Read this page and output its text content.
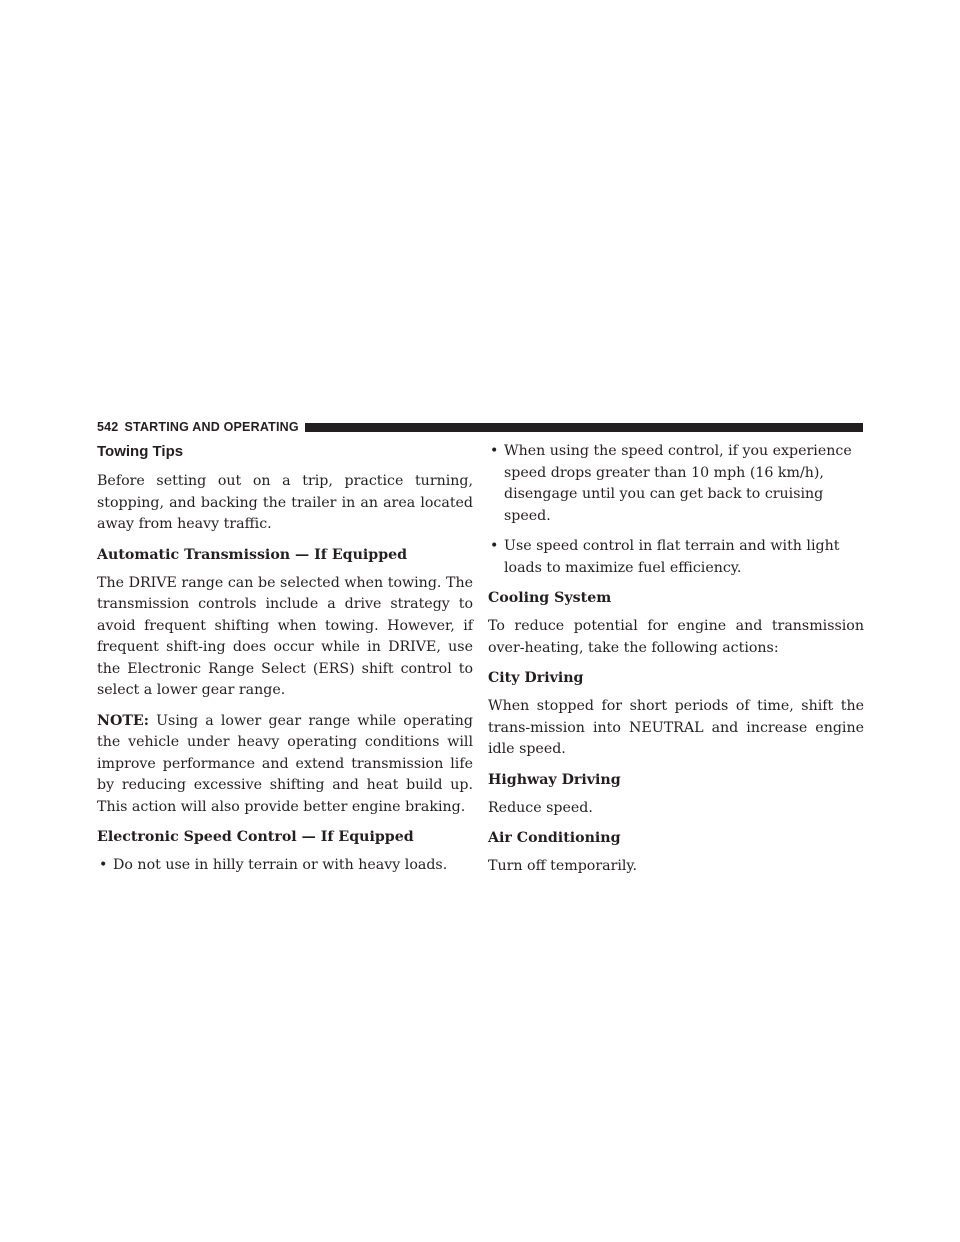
542 STARTING AND OPERATING
Towing Tips

Before setting out on a trip, practice turning, stopping, and backing the trailer in an area located away from heavy traffic.

Automatic Transmission — If Equipped

The DRIVE range can be selected when towing. The transmission controls include a drive strategy to avoid frequent shifting when towing. However, if frequent shift-ing does occur while in DRIVE, use the Electronic Range Select (ERS) shift control to select a lower gear range.

NOTE: Using a lower gear range while operating the vehicle under heavy operating conditions will improve performance and extend transmission life by reducing excessive shifting and heat build up. This action will also provide better engine braking.

Electronic Speed Control — If Equipped
• Do not use in hilly terrain or with heavy loads.
• When using the speed control, if you experience speed drops greater than 10 mph (16 km/h), disengage until you can get back to cruising speed.
• Use speed control in flat terrain and with light loads to maximize fuel efficiency.
Cooling System

To reduce potential for engine and transmission over-heating, take the following actions:

City Driving

When stopped for short periods of time, shift the trans-mission into NEUTRAL and increase engine idle speed.

Highway Driving

Reduce speed.

Air Conditioning

Turn off temporarily.
